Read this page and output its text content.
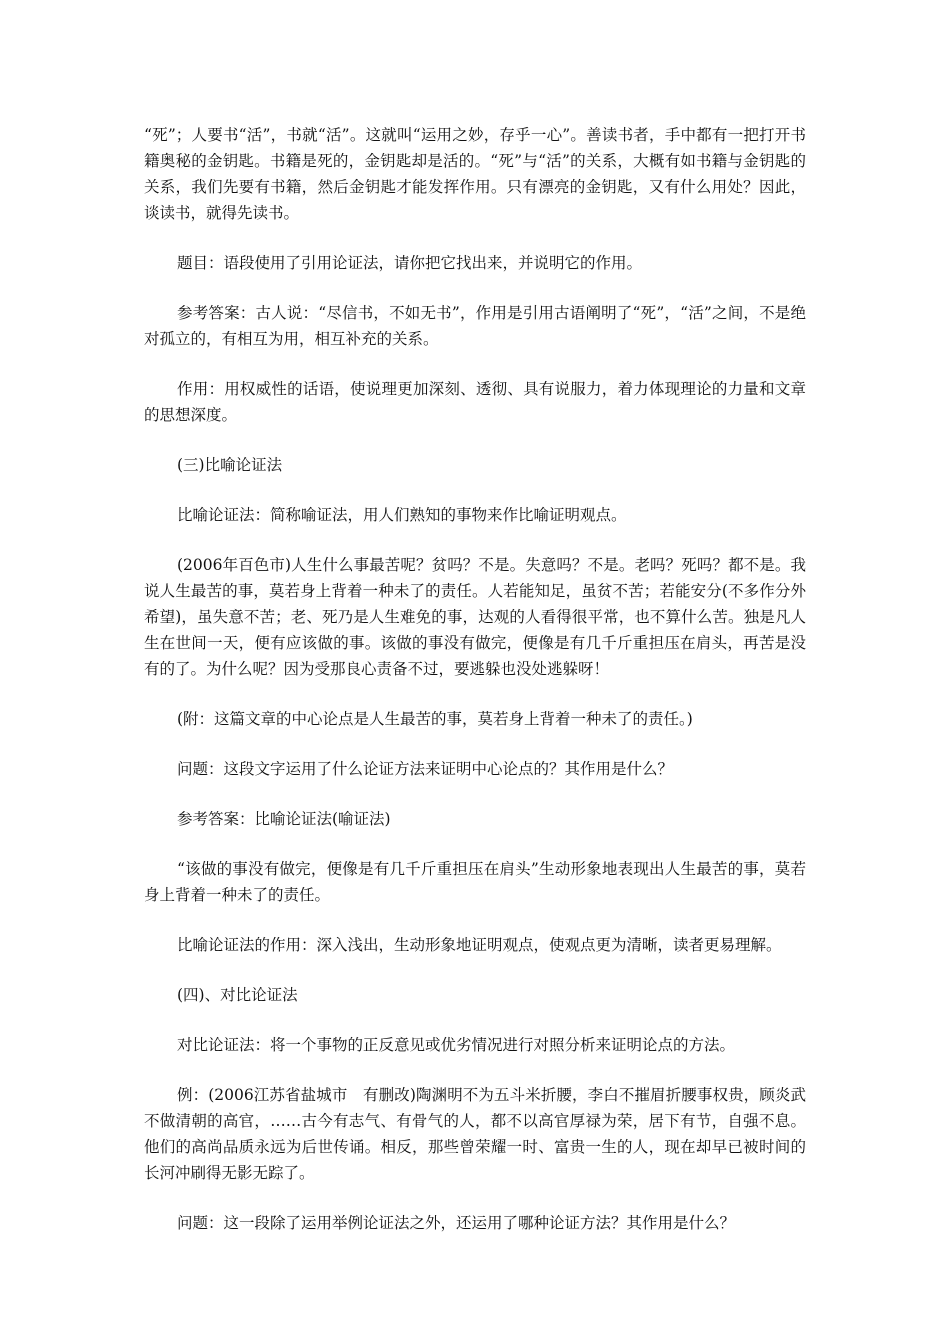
“死”；人要书“活”，书就“活”。这就叫“运用之妙，存乎一心”。善读书者，手中都有一把打开书籍奥秘的金钥匙。书籍是死的，金钥匙却是活的。“死”与“活”的关系，大概有如书籍与金钥匙的关系，我们先要有书籍，然后金钥匙才能发挥作用。只有漂亮的金钥匙，又有什么用处？因此，谈读书，就得先读书。

题目：语段使用了引用论证法，请你把它找出来，并说明它的作用。

参考答案：古人说：“尽信书，不如无书”，作用是引用古语阐明了“死”，“活”之间，不是绝对孤立的，有相互为用，相互补充的关系。

作用：用权威性的话语，使说理更加深刻、透彻、具有说服力，着力体现理论的力量和文章的思想深度。

(三)比喻论证法

比喻论证法：简称喻证法，用人们熟知的事物来作比喻证明观点。

(2006年百色市)人生什么事最苦呢？贫吗？不是。失意吗？不是。老吗？死吗？都不是。我说人生最苦的事，莫若身上背着一种未了的责任。人若能知足，虽贫不苦；若能安分(不多作分外希望)，虽失意不苦；老、死乃是人生难免的事，达观的人看得很平常，也不算什么苦。独是凡人生在世间一天，便有应该做的事。该做的事没有做完，便像是有几千斤重担压在肩头，再苦是没有的了。为什么呢？因为受那良心责备不过，要逃躲也没处逃躲呀！

(附：这篇文章的中心论点是人生最苦的事，莫若身上背着一种未了的责任。)

问题：这段文字运用了什么论证方法来证明中心论点的？其作用是什么？

参考答案：比喻论证法(喻证法)

“该做的事没有做完，便像是有几千斤重担压在肩头”生动形象地表现出人生最苦的事，莫若身上背着一种未了的责任。

比喻论证法的作用：深入浅出，生动形象地证明观点，使观点更为清晰，读者更易理解。

(四)、对比论证法

对比论证法：将一个事物的正反意见或优劣情况进行对照分析来证明论点的方法。

例：(2006江苏省盐城市　有删改)陶渊明不为五斗米折腰，李白不摧眉折腰事权贵，顾炎武不做清朝的高官，……古今有志气、有骨气的人，都不以高官厚禄为荣，居下有节，自强不息。他们的高尚品质永远为后世传诵。相反，那些曾荣耀一时、富贵一生的人，现在却早已被时间的长河冲刷得无影无踪了。

问题：这一段除了运用举例论证法之外，还运用了哪种论证方法？其作用是什么？
